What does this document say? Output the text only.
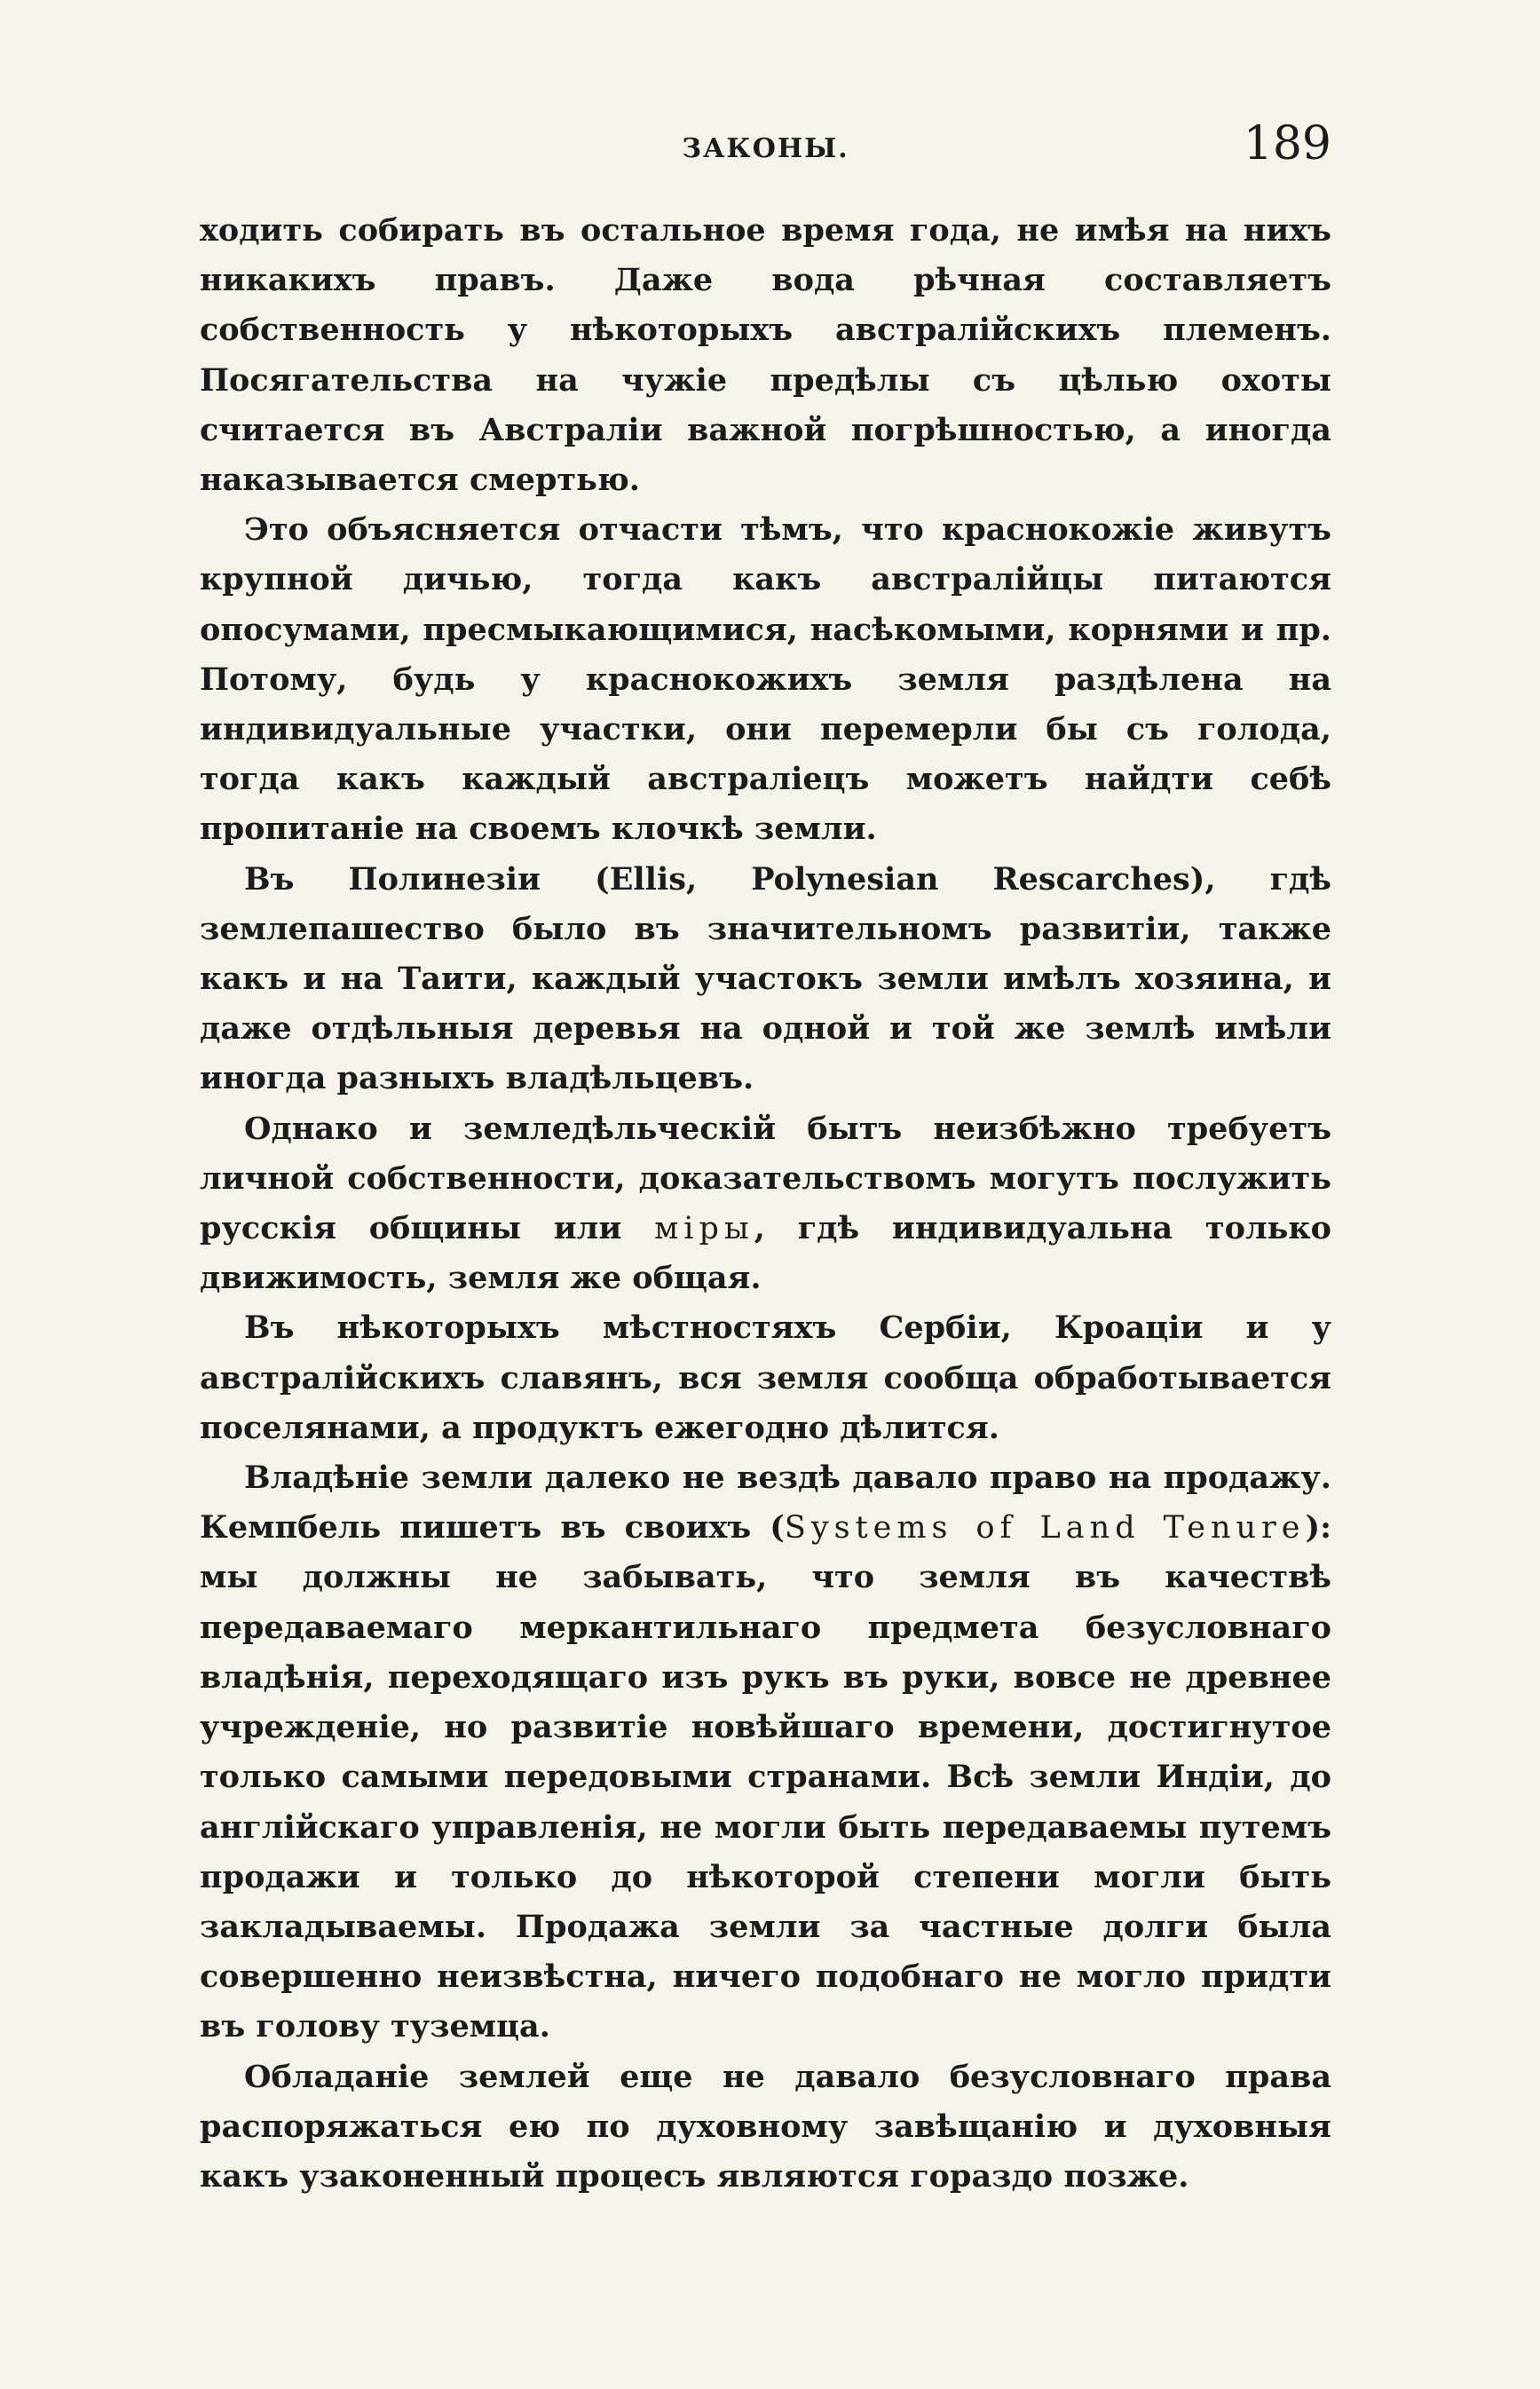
ЗАКОНЫ.	189

ходить собирать въ остальное время года, не имѣя на нихъ никакихъ правъ. Даже вода рѣчная составляетъ собственность у нѣкоторыхъ австралійскихъ племенъ. Посягательства на чужіе предѣлы съ цѣлью охоты считается въ Австраліи важной погрѣшностью, а иногда наказывается смертью.

Это объясняется отчасти тѣмъ, что краснокожіе живутъ крупной дичью, тогда какъ австралійцы питаются опосумами, пресмыкающимися, насѣкомыми, корнями и пр. Потому, будь у краснокожихъ земля раздѣлена на индивидуальные участки, они перемерли бы съ голода, тогда какъ каждый австраліецъ можетъ найдти себѣ пропитаніе на своемъ клочкѣ земли.

Въ Полинезіи (Ellis, Polynesian Rescarches), гдѣ землепашество было въ значительномъ развитіи, также какъ и на Таити, каждый участокъ земли имѣлъ хозяина, и даже отдѣльныя деревья на одной и той же землѣ имѣли иногда разныхъ владѣльцевъ.

Однако и земледѣльческій бытъ неизбѣжно требуетъ личной собственности, доказательствомъ могутъ послужить русскія общины или міры, гдѣ индивидуальна только движимость, земля же общая.

Въ нѣкоторыхъ мѣстностяхъ Сербіи, Кроаціи и у австралійскихъ славянъ, вся земля сообща обработывается поселянами, а продуктъ ежегодно дѣлится.

Владѣніе земли далеко не вездѣ давало право на продажу. Кемпбель пишетъ въ своихъ (Systems of Land Tenure): мы должны не забывать, что земля въ качествѣ передаваемаго меркантильнаго предмета безусловнаго владѣнія, переходящаго изъ рукъ въ руки, вовсе не древнее учрежденіе, но развитіе новѣйшаго времени, достигнутое только самыми передовыми странами. Всѣ земли Индіи, до англійскаго управленія, не могли быть передаваемы путемъ продажи и только до нѣкоторой степени могли быть закладываемы. Продажа земли за частные долги была совершенно неизвѣстна, ничего подобнаго не могло придти въ голову туземца.

Обладаніе землей еще не давало безусловнаго права распоряжаться ею по духовному завѣщанію и духовныя какъ узаконенный процесъ являются гораздо позже.
